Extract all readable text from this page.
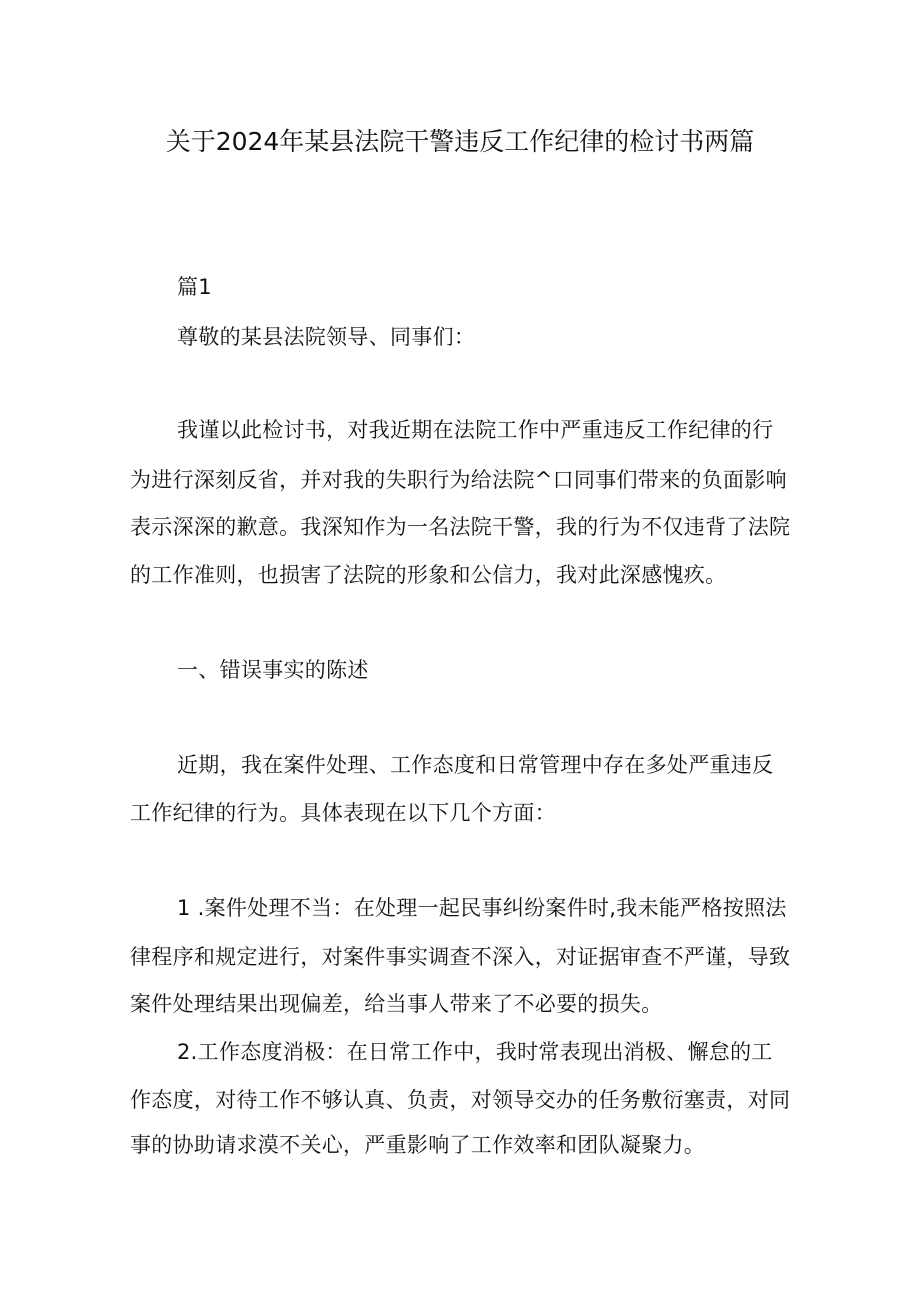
关于2024年某县法院干警违反工作纪律的检讨书两篇
篇1
尊敬的某县法院领导、同事们：
我谨以此检讨书，对我近期在法院工作中严重违反工作纪律的行
为进行深刻反省，并对我的失职行为给法院^口同事们带来的负面影响
表示深深的歉意。我深知作为一名法院干警，我的行为不仅违背了法院
的工作准则，也损害了法院的形象和公信力，我对此深感愧疚。
一、错误事实的陈述
近期，我在案件处理、工作态度和日常管理中存在多处严重违反
工作纪律的行为。具体表现在以下几个方面：
1 .案件处理不当：在处理一起民事纠纷案件时,我未能严格按照法
律程序和规定进行，对案件事实调查不深入，对证据审查不严谨，导致
案件处理结果出现偏差，给当事人带来了不必要的损失。
2.工作态度消极：在日常工作中，我时常表现出消极、懈怠的工
作态度，对待工作不够认真、负责，对领导交办的任务敷衍塞责，对同
事的协助请求漠不关心，严重影响了工作效率和团队凝聚力。
